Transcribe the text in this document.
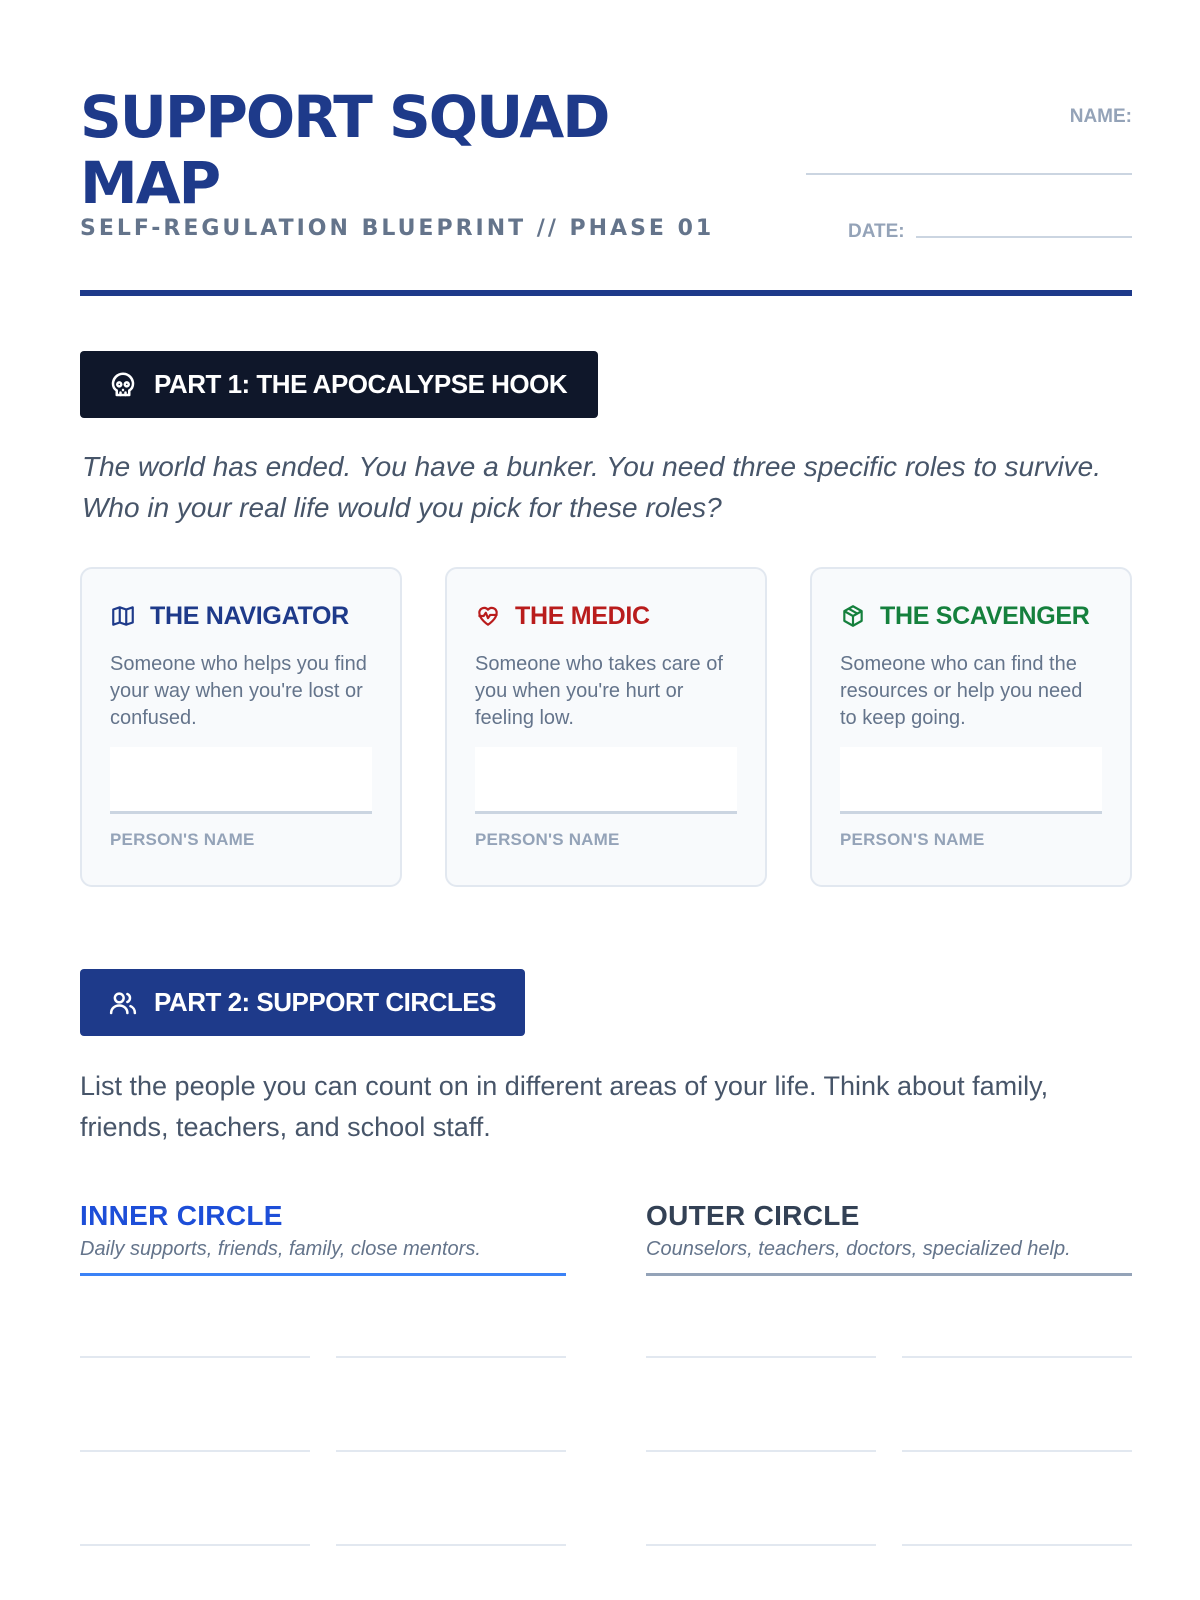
SUPPORT SQUAD MAP
SELF-REGULATION BLUEPRINT // PHASE 01
NAME:
DATE:
PART 1: THE APOCALYPSE HOOK
The world has ended. You have a bunker. You need three specific roles to survive. Who in your real life would you pick for these roles?
THE NAVIGATOR
Someone who helps you find your way when you're lost or confused.
PERSON'S NAME
THE MEDIC
Someone who takes care of you when you're hurt or feeling low.
PERSON'S NAME
THE SCAVENGER
Someone who can find the resources or help you need to keep going.
PERSON'S NAME
PART 2: SUPPORT CIRCLES
List the people you can count on in different areas of your life. Think about family, friends, teachers, and school staff.
INNER CIRCLE
Daily supports, friends, family, close mentors.
OUTER CIRCLE
Counselors, teachers, doctors, specialized help.
